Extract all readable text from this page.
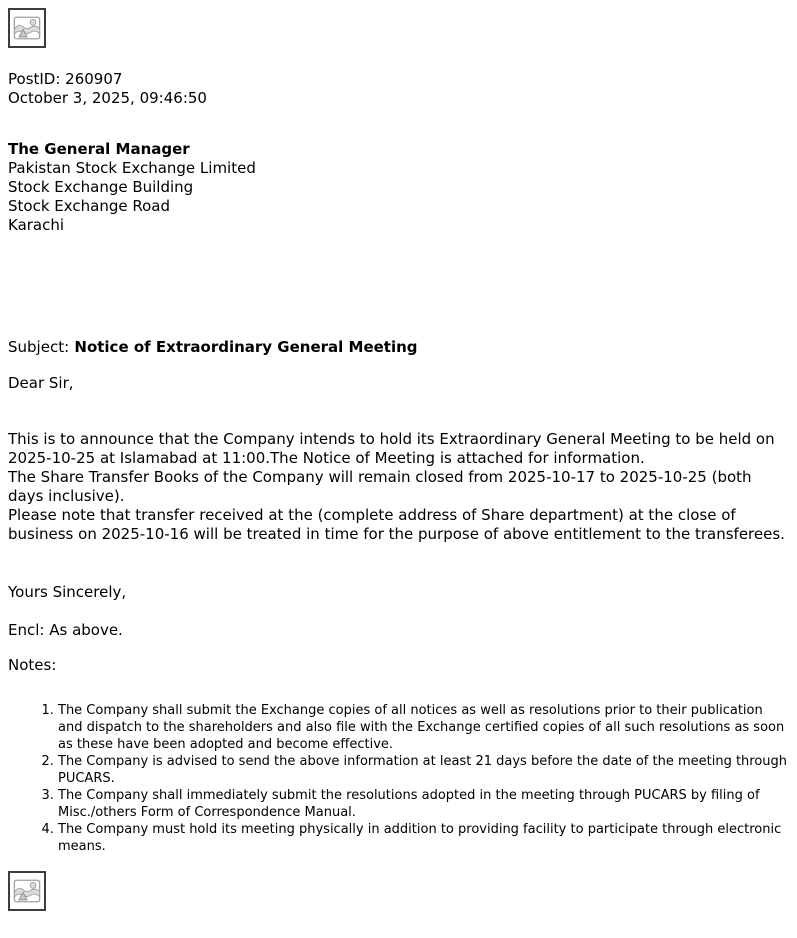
PostID: 260907
October 3, 2025, 09:46:50
The General Manager
Pakistan Stock Exchange Limited
Stock Exchange Building
Stock Exchange Road
Karachi
Subject: Notice of Extraordinary General Meeting
Dear Sir,
This is to announce that the Company intends to hold its Extraordinary General Meeting to be held on 2025-10-25 at Islamabad at 11:00.The Notice of Meeting is attached for information.
The Share Transfer Books of the Company will remain closed from 2025-10-17 to 2025-10-25 (both days inclusive).
Please note that transfer received at the (complete address of Share department) at the close of business on 2025-10-16 will be treated in time for the purpose of above entitlement to the transferees.
Yours Sincerely,
Encl: As above.
Notes:
1. The Company shall submit the Exchange copies of all notices as well as resolutions prior to their publication and dispatch to the shareholders and also file with the Exchange certified copies of all such resolutions as soon as these have been adopted and become effective.
2. The Company is advised to send the above information at least 21 days before the date of the meeting through PUCARS.
3. The Company shall immediately submit the resolutions adopted in the meeting through PUCARS by filing of Misc./others Form of Correspondence Manual.
4. The Company must hold its meeting physically in addition to providing facility to participate through electronic means.
